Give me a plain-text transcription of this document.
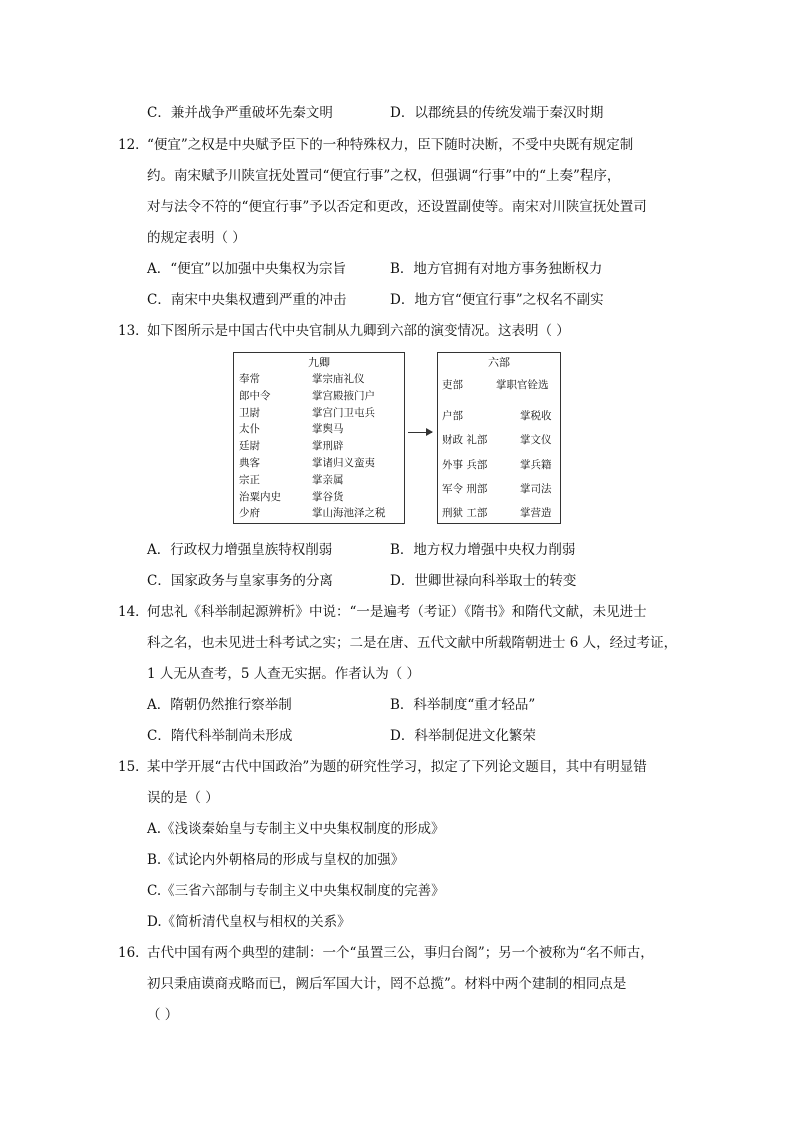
C．兼并战争严重破坏先秦文明	D．以郡统县的传统发端于秦汉时期
12．
“便宜”之权是中央赋予臣下的一种特殊权力，臣下随时决断，不受中央既有规定制
约。南宋赋予川陕宣抚处置司“便宜行事”之权，但强调“行事”中的“上奏”程序，
对与法令不符的“便宜行事”予以否定和更改，还设置副使等。南宋对川陕宣抚处置司
的规定表明（ ）
A．“便宜”以加强中央集权为宗旨	B．地方官拥有对地方事务独断权力
C．南宋中央集权遭到严重的冲击	D．地方官“便宜行事”之权名不副实
13．
如下图所示是中国古代中央官制从九卿到六部的演变情况。这表明（ ）
九卿
奉常	掌宗庙礼仪
郎中令	掌宫殿掖门户
卫尉	掌宫门卫屯兵
太仆	掌舆马
廷尉	掌刑辟
典客	掌诸归义蛮夷
宗正	掌亲属
治粟内史	掌谷货
少府	掌山海池泽之税
六部
吏部	掌职官铨选
户部	掌税收
财政 礼部	掌文仪
外事 兵部	掌兵籍
军令 刑部	掌司法
刑狱 工部	掌营造
A．行政权力增强皇族特权削弱	B．地方权力增强中央权力削弱
C．国家政务与皇家事务的分离	D．世卿世禄向科举取士的转变
14．
何忠礼《科举制起源辨析》中说：“一是遍考（考证）《隋书》和隋代文献，未见进士
科之名，也未见进士科考试之实；二是在唐、五代文献中所载隋朝进士 6 人，经过考证，
1 人无从查考，5 人查无实据。作者认为（ ）
A．隋朝仍然推行察举制	B．科举制度“重才轻品”
C．隋代科举制尚未形成	D．科举制促进文化繁荣
15．
某中学开展“古代中国政治”为题的研究性学习，拟定了下列论文题目，其中有明显错
误的是（ ）
A.《浅谈秦始皇与专制主义中央集权制度的形成》
B.《试论内外朝格局的形成与皇权的加强》
C.《三省六部制与专制主义中央集权制度的完善》
D.《简析清代皇权与相权的关系》
16．
古代中国有两个典型的建制：一个“虽置三公，事归台阁”；另一个被称为“名不师古，
初只秉庙谟商戎略而已，阙后军国大计，罔不总揽”。材料中两个建制的相同点是
（ ）
